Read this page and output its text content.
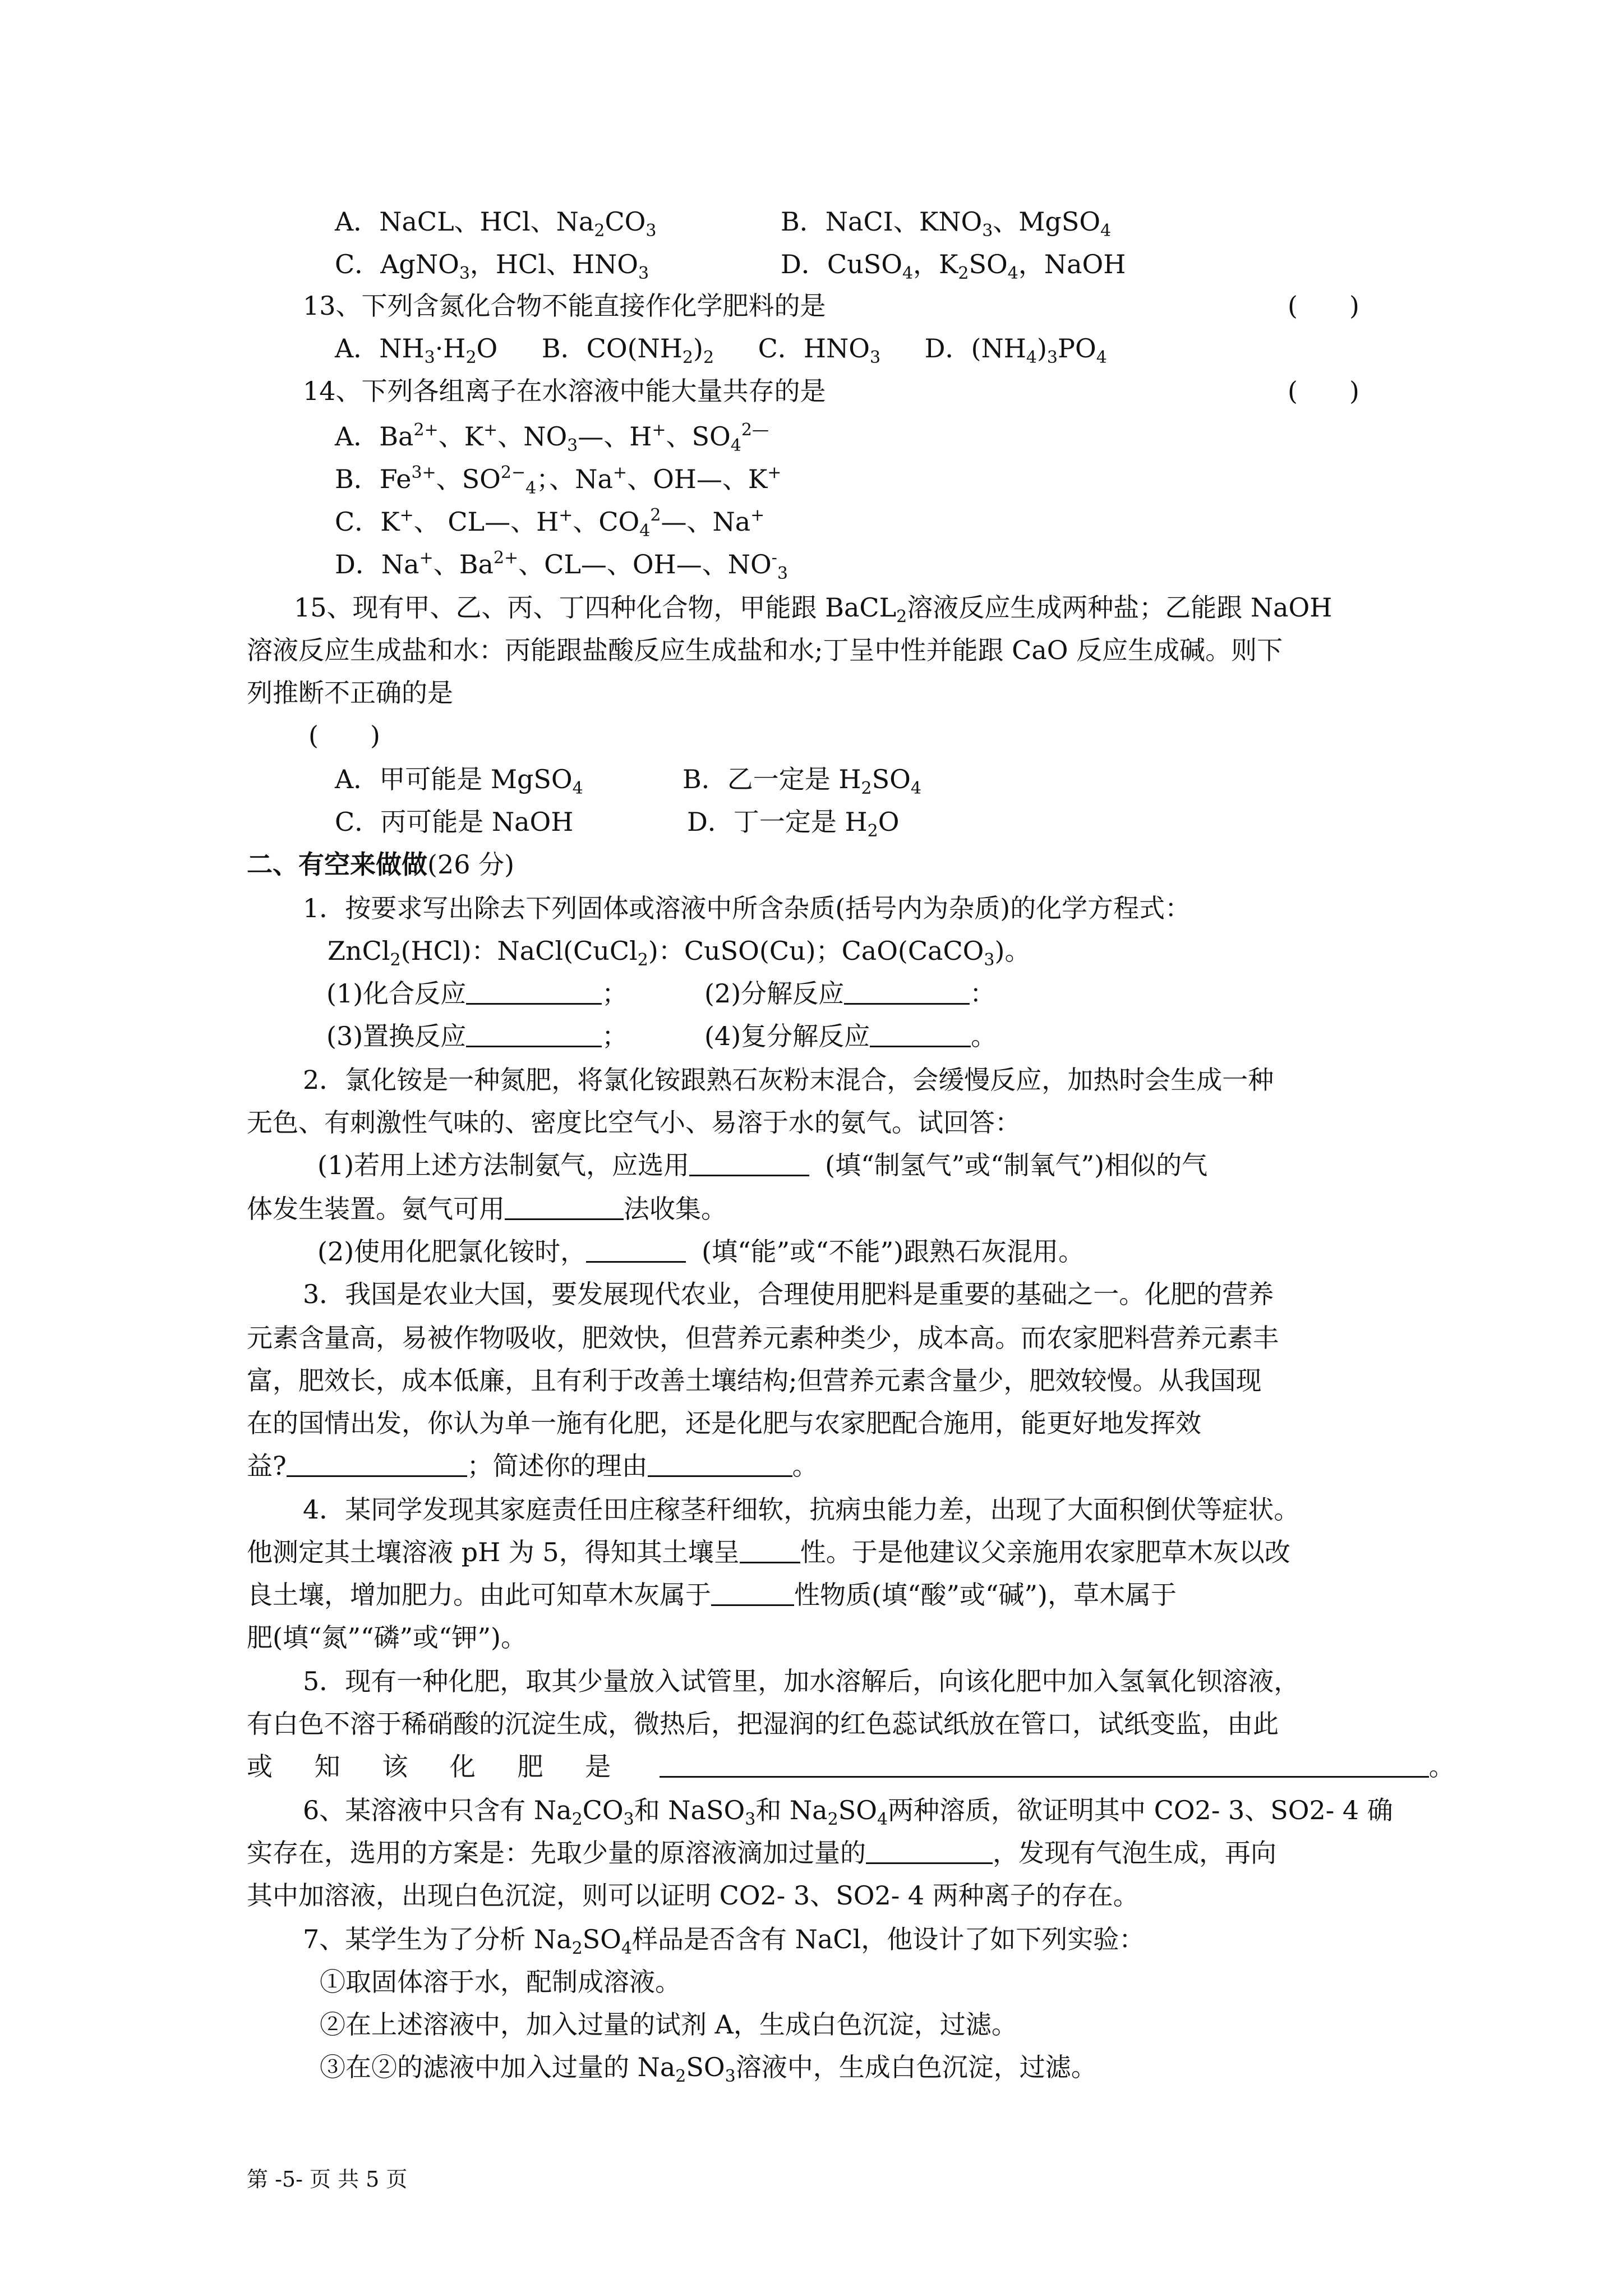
A．NaCL、HCl、$Na_2CO_3$	B．NaCI、$KNO_3$、MgSO$_4$
C．AgNO$_3$，HCl、$HNO_3$	D．CuSO$_4$，$K_2SO_4$，NaOH
13、下列含氮化合物不能直接作化学肥料的是	(　　)
A．$NH_3\cdot H_2O$ B．$CO(NH_2)_2$ C．$HNO_3$ D．$(NH_4)_3PO_4$
14、下列各组离子在水溶液中能大量共存的是	(　　)
A．$Ba^{2+}$、K+、$NO_3—$、H+、$SO_4^{2—}$
B．$Fe^{3+}$、$SO^{2-}_4$；、Na+、OH—、K+
C．K+、 CL—、H+、$CO_4^2—$、Na+
D．Na+、$Ba^{2+}$、CL—、OH—、$NO^-_3$
15、现有甲、乙、丙、丁四种化合物，甲能跟 BaCL$_2$溶液反应生成两种盐；乙能跟 NaOH
溶液反应生成盐和水：丙能跟盐酸反应生成盐和水;丁呈中性并能跟 CaO 反应生成碱。则下
列推断不正确的是
(　　)
A．甲可能是 MgSO$_4$	B．乙一定是 $H_2SO_4$
C．丙可能是 NaOH	D．丁一定是 $H_2O$
二、有空来做做(26 分)
1．按要求写出除去下列固体或溶液中所含杂质(括号内为杂质)的化学方程式：
ZnCl$_2$(HCl)：NaCl(CuCl$_2$)：CuSO(Cu)；CaO(CaCO$_3$)。
(1)化合反应	；	(2)分解反应	：
(3)置换反应	；	(4)复分解反应	。
2．氯化铵是一种氮肥，将氯化铵跟熟石灰粉末混合，会缓慢反应，加热时会生成一种
无色、有刺激性气味的、密度比空气小、易溶于水的氨气。试回答：
(1)若用上述方法制氨气，应选用	(填“制氢气”或“制氧气”)相似的气
体发生装置。氨气可用	法收集。
(2)使用化肥氯化铵时，	(填“能”或“不能”)跟熟石灰混用。
3．我国是农业大国，要发展现代农业，合理使用肥料是重要的基础之一。化肥的营养
元素含量高，易被作物吸收，肥效快，但营养元素种类少，成本高。而农家肥料营养元素丰
富，肥效长，成本低廉，且有利于改善土壤结构;但营养元素含量少，肥效较慢。从我国现
在的国情出发，你认为单一施有化肥，还是化肥与农家肥配合施用，能更好地发挥效
益?	；简述你的理由	。
4．某同学发现其家庭责任田庄稼茎秆细软，抗病虫能力差，出现了大面积倒伏等症状。
他测定其土壤溶液 pH 为 5，得知其土壤呈 性。于是他建议父亲施用农家肥草木灰以改
良土壤，增加肥力。由此可知草木灰属于	性物质(填“酸”或“碱”)，草木属于
肥(填“氮”“磷”或“钾”)。
5．现有一种化肥，取其少量放入试管里，加水溶解后，向该化肥中加入氢氧化钡溶液，
有白色不溶于稀硝酸的沉淀生成，微热后，把湿润的红色蕊试纸放在管口，试纸变监，由此
或 知 该 化 肥 是	。
6、某溶液中只含有 $Na_2CO_3$和 NaSO$_3$和 $Na_2SO_4$两种溶质，欲证明其中 CO2- 3、SO2- 4 确
实存在，选用的方案是：先取少量的原溶液滴加过量的	，发现有气泡生成，再向
其中加溶液，出现白色沉淀，则可以证明 CO2- 3、SO2- 4 两种离子的存在。
7、某学生为了分析 $Na_2SO_4$样品是否含有 NaCl，他设计了如下列实验：
①取固体溶于水，配制成溶液。
②在上述溶液中，加入过量的试剂 A，生成白色沉淀，过滤。
③在②的滤液中加入过量的 $Na_2SO_3$溶液中，生成白色沉淀，过滤。
第 -5- 页 共 5 页
